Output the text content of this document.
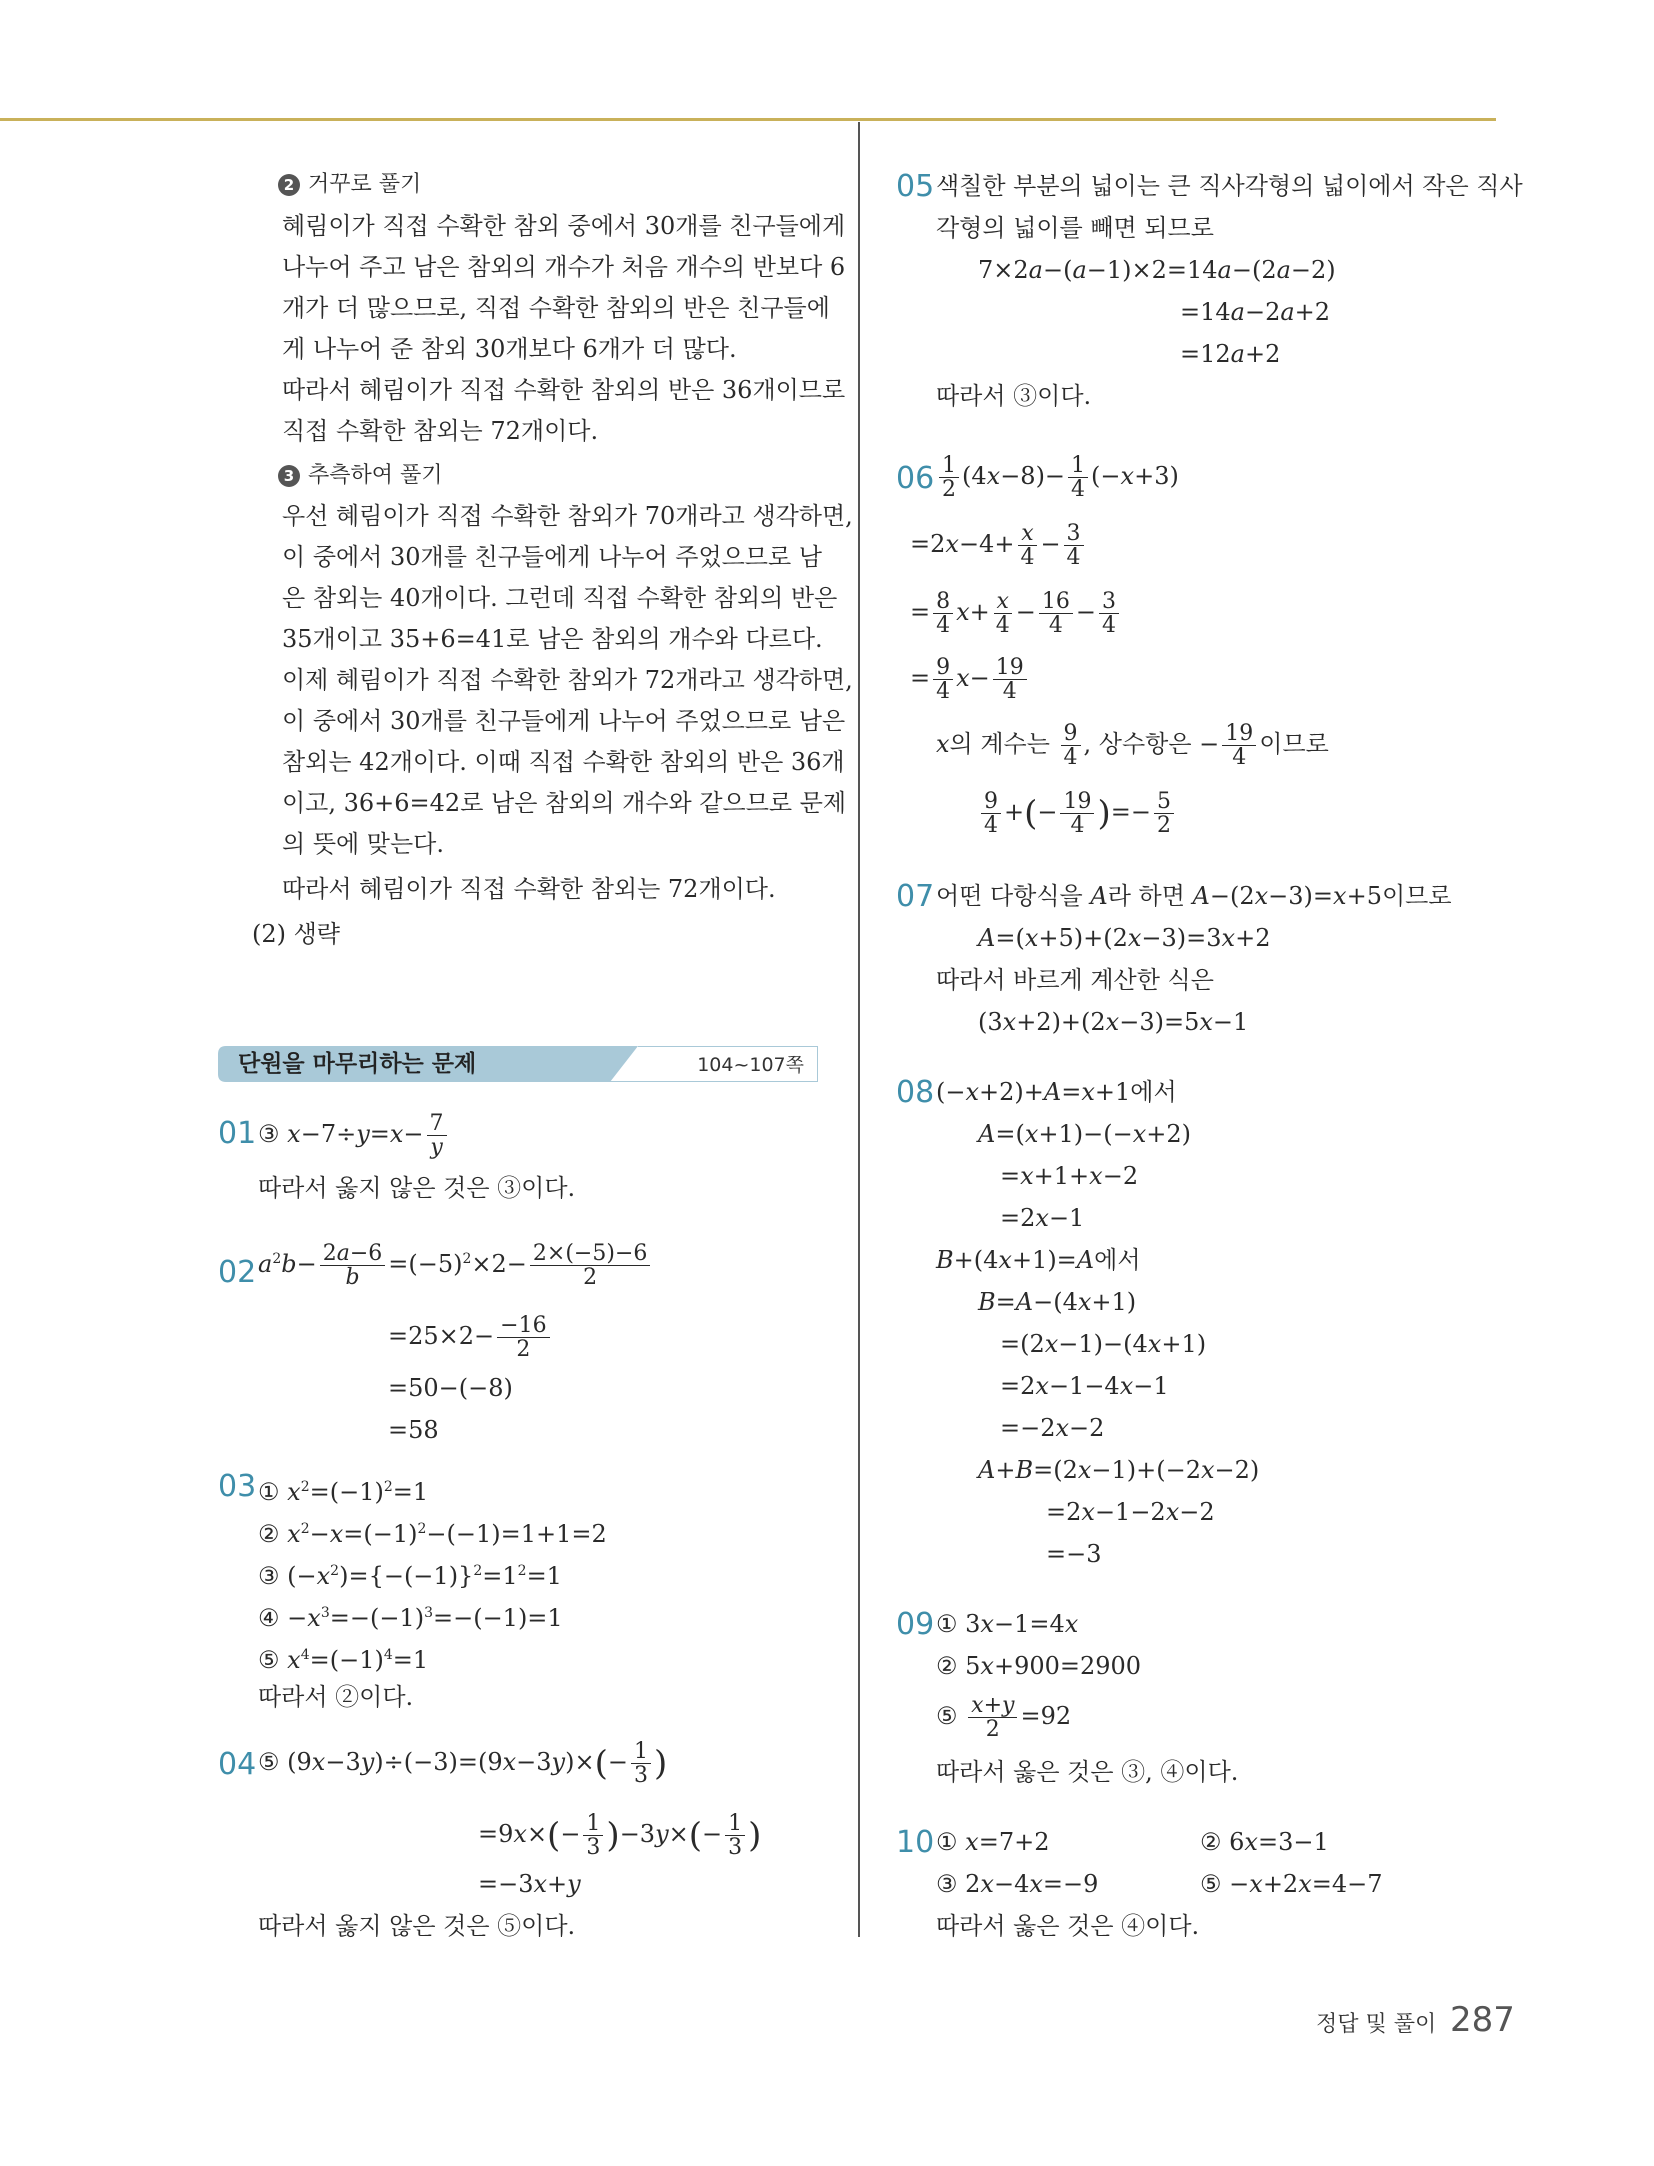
2 거꾸로 풀기
혜림이가 직접 수확한 참외 중에서 30개를 친구들에게
나누어 주고 남은 참외의 개수가 처음 개수의 반보다 6
개가 더 많으므로, 직접 수확한 참외의 반은 친구들에
게 나누어 준 참외 30개보다 6개가 더 많다.
따라서 혜림이가 직접 수확한 참외의 반은 36개이므로
직접 수확한 참외는 72개이다.
3 추측하여 풀기
우선 혜림이가 직접 수확한 참외가 70개라고 생각하면,
이 중에서 30개를 친구들에게 나누어 주었으므로 남
은 참외는 40개이다. 그런데 직접 수확한 참외의 반은
35개이고 35+6=41로 남은 참외의 개수와 다르다.
이제 혜림이가 직접 수확한 참외가 72개라고 생각하면,
이 중에서 30개를 친구들에게 나누어 주었으므로 남은
참외는 42개이다. 이때 직접 수확한 참외의 반은 36개
이고, 36+6=42로 남은 참외의 개수와 같으므로 문제
의 뜻에 맞는다.
따라서 혜림이가 직접 수확한 참외는 72개이다.
(2) 생략
단원을 마무리하는 문제	104~107쪽
01 ③ $x-7\div y=x- \frac{7}{y}$
따라서 옳지 않은 것은 ③이다.
02 $a^2b- \frac{2a-6}{b} =(-5)^2\times 2- \frac{2\times(-5)-6}{2}$
$=25\times 2- \frac{-16}{2}$
=50−(−8)
=58
03 ① $x^2=(-1)^2=1$
② $x^2-x=(-1)^2-(-1)=1+1=2$
③ $(-x^2)=\{-(-1)\}^2=1^2=1$
④ $-x^3=-(-1)^3=-(-1)=1$
⑤ $x^4=(-1)^4=1$
따라서 ②이다.
04 ⑤ $(9x-3y)\div(-3)=(9x-3y)\times(- \frac{1}{3}$ )
$=9x\times(- \frac{1}{3} )-3y\times(- \frac{1}{3}$ )
=−3x+y
따라서 옳지 않은 것은 ⑤이다.
05 색칠한 부분의 넓이는 큰 직사각형의 넓이에서 작은 직사
각형의 넓이를 빼면 되므로
7×2a−(a−1)×2=14a−(2a−2)
=14a−2a+2
=12a+2
따라서 ③이다.
$06 \frac{1}{2} (4x-8)- \frac{1}{4} (-x+3)$
$=2x-4+ \frac{x}{4} - \frac{3}{4}$
= $\frac{8}{4} x+ \frac{x}{4} - \frac{16}{4} - \frac{3}{4}$
= $\frac{9}{4} x- \frac{19}{4}$
x의 계수는 $\frac{9}{4}$ , 상수항은 − $\frac{19}{4}$ 이므로
$\frac{9}{4}$ +(− $\frac{19}{4}$ )=− $\frac{5}{2}$
07 어떤 다항식을 A라 하면 A−(2x−3)=x+5이므로
A=(x+5)+(2x−3)=3x+2
따라서 바르게 계산한 식은
(3x+2)+(2x−3)=5x−1
08 (−x+2)+A=x+1에서
A=(x+1)−(−x+2)
=x+1+x−2
=2x−1
B+(4x+1)=A에서
B=A−(4x+1)
=(2x−1)−(4x+1)
=2x−1−4x−1
=−2x−2
A+B=(2x−1)+(−2x−2)
=2x−1−2x−2
=−3
09 ① 3x−1=4x
② 5x+900=2900
⑤ $\frac{x+y}{2} =92$
따라서 옳은 것은 ③, ④이다.
10 ① x=7+2	② 6x=3−1
③ 2x−4x=−9	⑤ −x+2x=4−7
따라서 옳은 것은 ④이다.
정답 및 풀이 287
